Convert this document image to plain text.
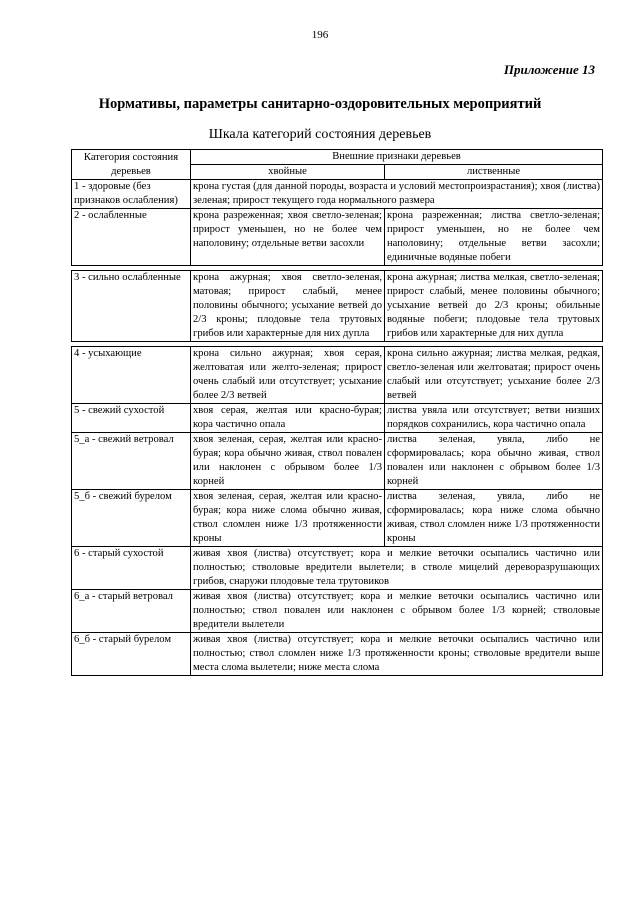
196
Приложение 13
Нормативы, параметры санитарно-оздоровительных мероприятий
Шкала категорий состояния деревьев
Категория состояния деревьев	Внешние признаки деревьев	
	хвойные	лиственные
1 - здоровые (без признаков ослабления)	крона густая (для данной породы, возраста и условий местопроизрастания); хвоя (листва) зеленая; прирост текущего года нормального размера	
2 - ослабленные	крона разреженная; хвоя светло-зеленая; прирост уменьшен, но не более чем наполовину; отдельные ветви засохли	крона разреженная; листва светло-зеленая; прирост уменьшен, но не более чем наполовину; отдельные ветви засохли; единичные водяные побеги

3 - сильно ослабленные	крона ажурная; хвоя светло-зеленая, матовая; прирост слабый, менее половины обычного; усыхание ветвей до 2/3 кроны; плодовые тела трутовых грибов или характерные для них дупла	крона ажурная; листва мелкая, светло-зеленая; прирост слабый, менее половины обычного; усыхание ветвей до 2/3 кроны; обильные водяные побеги; плодовые тела трутовых грибов или характерные для них дупла

4 - усыхающие	крона сильно ажурная; хвоя серая, желтоватая или желто-зеленая; прирост очень слабый или отсутствует; усыхание более 2/3 ветвей	крона сильно ажурная; листва мелкая, редкая, светло-зеленая или желтоватая; прирост очень слабый или отсутствует; усыхание более 2/3 ветвей
5 - свежий сухостой	хвоя серая, желтая или красно-бурая; кора частично опала	листва увяла или отсутствует; ветви низших порядков сохранились, кора частично опала
5_а - свежий ветровал	хвоя зеленая, серая, желтая или красно-бурая; кора обычно живая, ствол повален или наклонен с обрывом более 1/3 корней	листва зеленая, увяла, либо не сформировалась; кора обычно живая, ствол повален или наклонен с обрывом более 1/3 корней
5_б - свежий бурелом	хвоя зеленая, серая, желтая или красно-бурая; кора ниже слома обычно живая, ствол сломлен ниже 1/3 протяженности кроны	листва зеленая, увяла, либо не сформировалась; кора ниже слома обычно живая, ствол сломлен ниже 1/3 протяженности кроны
6 - старый сухостой	живая хвоя (листва) отсутствует; кора и мелкие веточки осыпались частично или полностью; стволовые вредители вылетели; в стволе мицелий дереворазрушающих грибов, снаружи плодовые тела трутовиков	
6_а - старый ветровал	живая хвоя (листва) отсутствует; кора и мелкие веточки осыпались частично или полностью; ствол повален или наклонен с обрывом более 1/3 корней; стволовые вредители вылетели	
6_б - старый бурелом	живая хвоя (листва) отсутствует; кора и мелкие веточки осыпались частично или полностью; ствол сломлен ниже 1/3 протяженности кроны; стволовые вредители выше места слома вылетели; ниже места слома	
